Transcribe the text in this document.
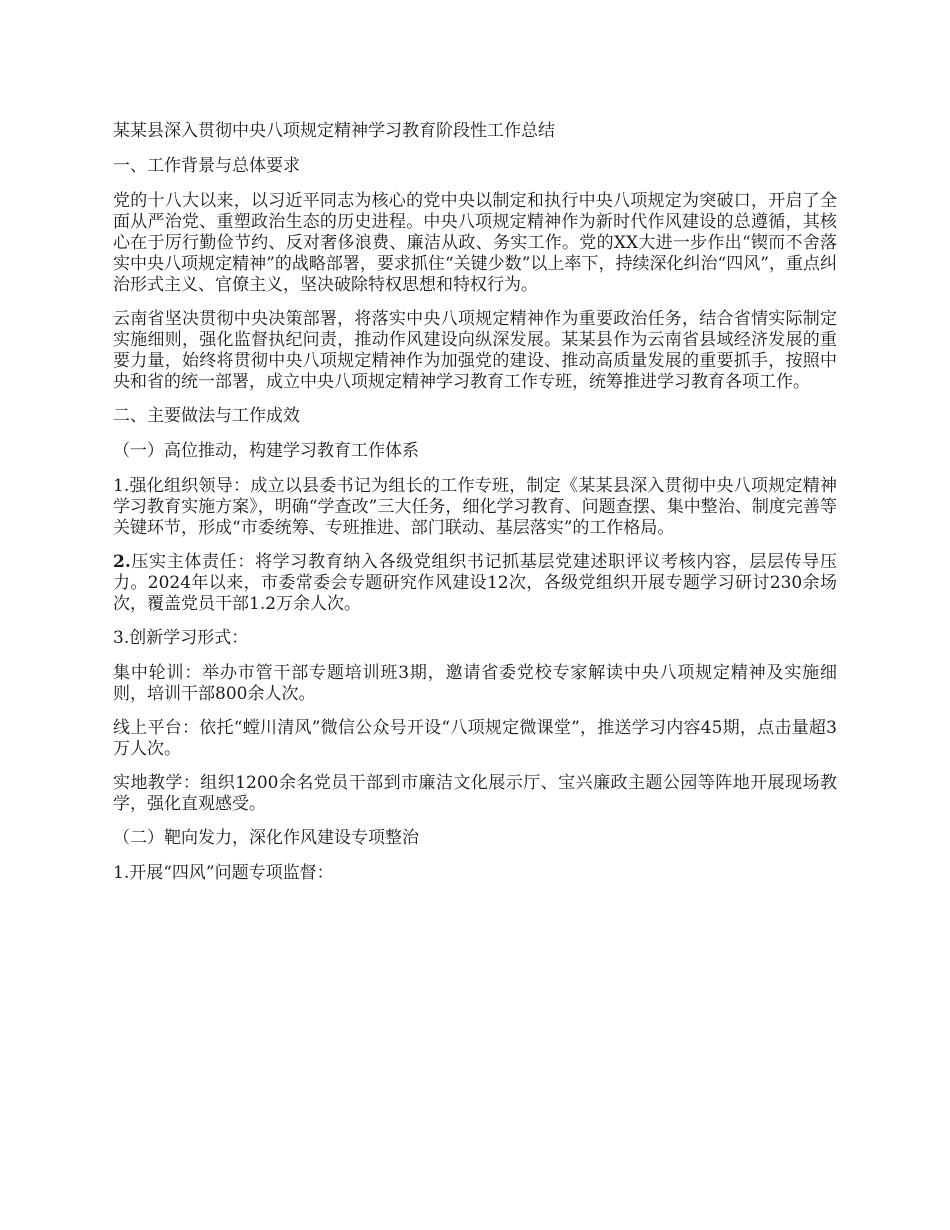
某某县深入贯彻中央八项规定精神学习教育阶段性工作总结

一、工作背景与总体要求

党的十八大以来，以习近平同志为核心的党中央以制定和执行中央八项规定为突破口，开启了全面从严治党、重塑政治生态的历史进程。中央八项规定精神作为新时代作风建设的总遵循，其核心在于厉行勤俭节约、反对奢侈浪费、廉洁从政、务实工作。党的XX大进一步作出“锲而不舍落实中央八项规定精神”的战略部署，要求抓住“关键少数”以上率下，持续深化纠治“四风”，重点纠治形式主义、官僚主义，坚决破除特权思想和特权行为。

云南省坚决贯彻中央决策部署，将落实中央八项规定精神作为重要政治任务，结合省情实际制定实施细则，强化监督执纪问责，推动作风建设向纵深发展。某某县作为云南省县域经济发展的重要力量，始终将贯彻中央八项规定精神作为加强党的建设、推动高质量发展的重要抓手，按照中央和省的统一部署，成立中央八项规定精神学习教育工作专班，统筹推进学习教育各项工作。

二、主要做法与工作成效

（一）高位推动，构建学习教育工作体系

1.强化组织领导：成立以县委书记为组长的工作专班，制定《某某县深入贯彻中央八项规定精神学习教育实施方案》，明确“学查改”三大任务，细化学习教育、问题查摆、集中整治、制度完善等关键环节，形成“市委统筹、专班推进、部门联动、基层落实”的工作格局。

2.压实主体责任：将学习教育纳入各级党组织书记抓基层党建述职评议考核内容，层层传导压力。2024年以来，市委常委会专题研究作风建设12次，各级党组织开展专题学习研讨230余场次，覆盖党员干部1.2万余人次。

3.创新学习形式：

集中轮训：举办市管干部专题培训班3期，邀请省委党校专家解读中央八项规定精神及实施细则，培训干部800余人次。

线上平台：依托“螳川清风”微信公众号开设“八项规定微课堂”，推送学习内容45期，点击量超3万人次。

实地教学：组织1200余名党员干部到市廉洁文化展示厅、宝兴廉政主题公园等阵地开展现场教学，强化直观感受。

（二）靶向发力，深化作风建设专项整治

1.开展“四风”问题专项监督：
